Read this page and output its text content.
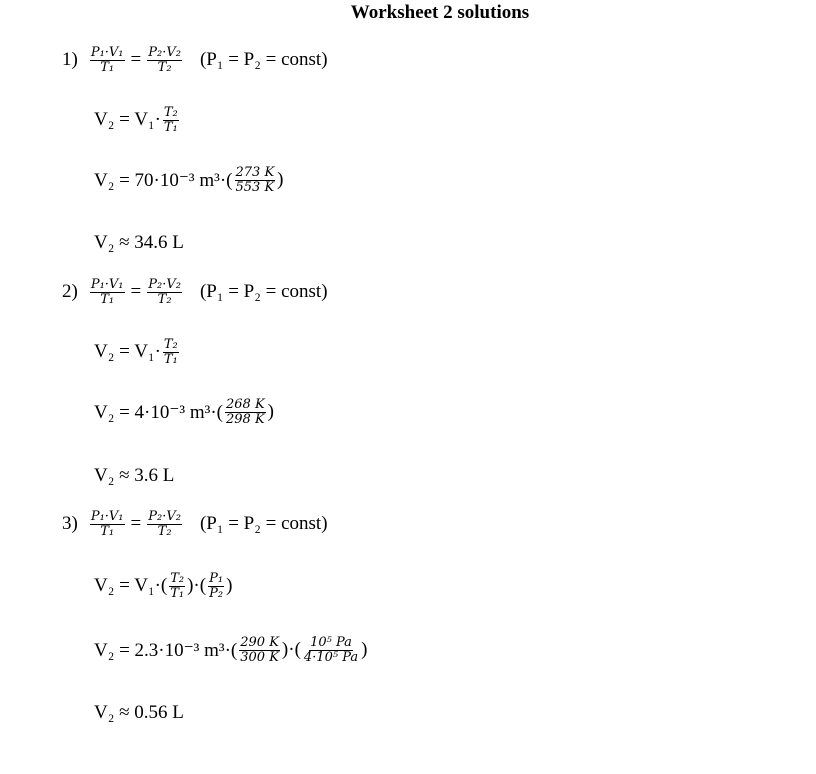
Worksheet 2 solutions
$1) \frac{\text{P₁·V₁}}{\text{T₁}} = \frac{\text{P₂·V₂}}{\text{T₂}} (P_1 = P_2$ = const)
$V_2 = V_1\cdot \frac{\text{T₂}}{\text{T₁}}$
V₂ = 70·10⁻³ $m^3\cdot( \frac{273 K}{553 K}$ )
V₂ ≈ 34.6 L
$2) \frac{\text{P₁·V₁}}{\text{T₁}} = \frac{\text{P₂·V₂}}{\text{T₂}} (P_1 = P_2$ = const)
$V_2 = V_1\cdot \frac{\text{T₂}}{\text{T₁}}$
V₂ = 4·10⁻³ $m^3\cdot( \frac{268 K}{298 K}$ )
V₂ ≈ 3.6 L
$3) \frac{\text{P₁·V₁}}{\text{T₁}} = \frac{\text{P₂·V₂}}{\text{T₂}} (P_1 = P_2$ = const)
$V_2 = V_1\cdot( \frac{\text{T₂}}{\text{T₁}}$ )·( $\frac{\text{P₁}}{\text{P₂}}$ )
V₂ = 2.3·10⁻³ $m^3\cdot( \frac{290 K}{300 K}$ )·( $\frac{\text{10⁵ Pa}}{\text{4·10⁵ Pa}}$ )
V₂ ≈ 0.56 L
